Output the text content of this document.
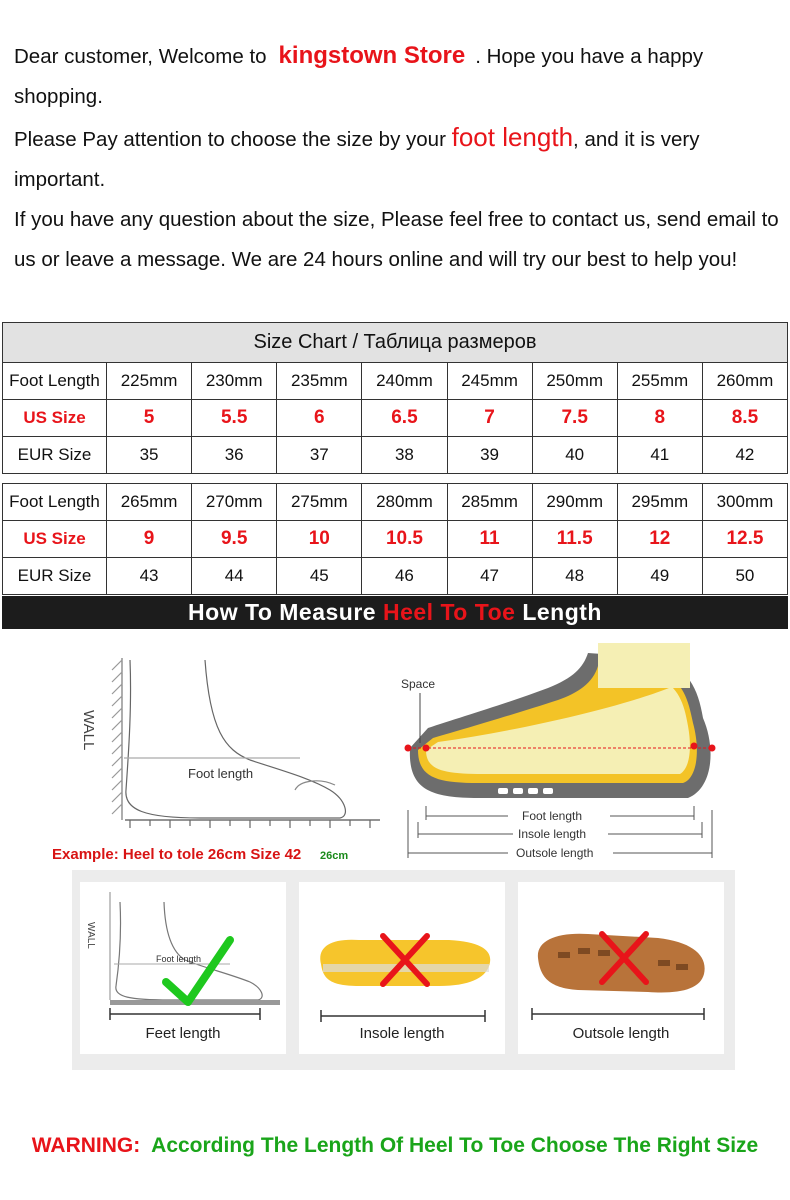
Dear customer, Welcome to kingstown Store . Hope you have a happy shopping.
Please Pay attention to choose the size by your foot length, and it is very important.
If you have any question about the size, Please feel free to contact us, send email to us or leave a message. We are 24 hours online and will try our best to help you!
Size Chart / Таблица размеров								
Foot Length	225mm	230mm	235mm	240mm	245mm	250mm	255mm	260mm
US Size	5	5.5	6	6.5	7	7.5	8	8.5
EUR Size	35	36	37	38	39	40	41	42
Foot Length	265mm	270mm	275mm	280mm	285mm	290mm	295mm	300mm
US Size	9	9.5	10	10.5	11	11.5	12	12.5
EUR Size	43	44	45	46	47	48	49	50
How To Measure Heel To Toe Length
WALL
Foot length
Space
Foot length
Insole length
Outsole length
Example: Heel to tole 26cm Size 42 26cm
WALL
Foot length
Feet length	Insole length	Outsole length
WARNING: According The Length Of Heel To Toe Choose The Right Size
